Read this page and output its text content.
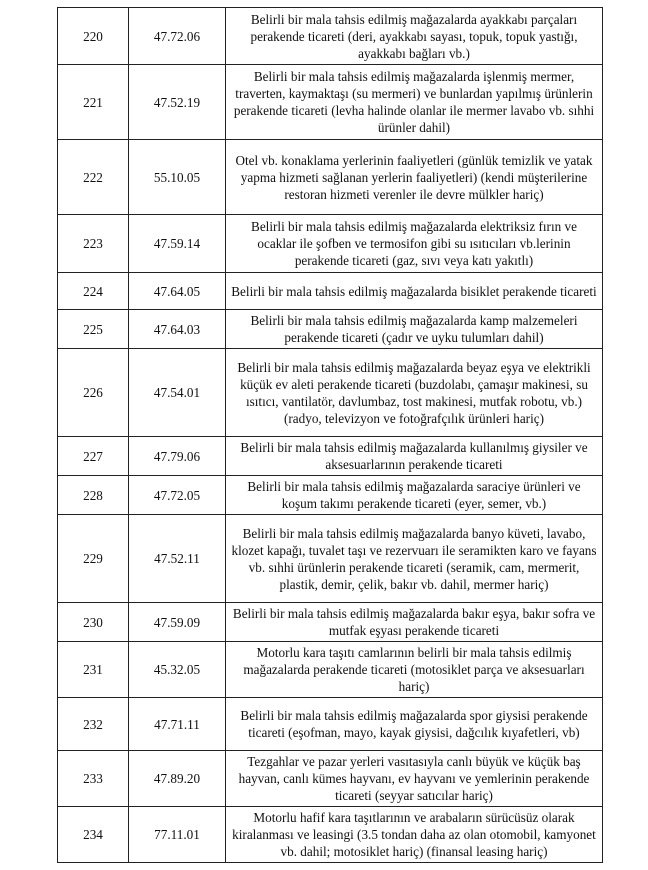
220	47.72.06	Belirli bir mala tahsis edilmiş mağazalarda ayakkabı parçaları perakende ticareti (deri, ayakkabı sayası, topuk, topuk yastığı, ayakkabı bağları vb.)
221	47.52.19	Belirli bir mala tahsis edilmiş mağazalarda işlenmiş mermer, traverten, kaymaktaşı (su mermeri) ve bunlardan yapılmış ürünlerin perakende ticareti (levha halinde olanlar ile mermer lavabo vb. sıhhi ürünler dahil)
222	55.10.05	Otel vb. konaklama yerlerinin faaliyetleri (günlük temizlik ve yatak yapma hizmeti sağlanan yerlerin faaliyetleri) (kendi müşterilerine restoran hizmeti verenler ile devre mülkler hariç)
223	47.59.14	Belirli bir mala tahsis edilmiş mağazalarda elektriksiz fırın ve ocaklar ile şofben ve termosifon gibi su ısıtıcıları vb.lerinin perakende ticareti (gaz, sıvı veya katı yakıtlı)
224	47.64.05	Belirli bir mala tahsis edilmiş mağazalarda bisiklet perakende ticareti
225	47.64.03	Belirli bir mala tahsis edilmiş mağazalarda kamp malzemeleri perakende ticareti (çadır ve uyku tulumları dahil)
226	47.54.01	Belirli bir mala tahsis edilmiş mağazalarda beyaz eşya ve elektrikli küçük ev aleti perakende ticareti (buzdolabı, çamaşır makinesi, su ısıtıcı, vantilatör, davlumbaz, tost makinesi, mutfak robotu, vb.) (radyo, televizyon ve fotoğrafçılık ürünleri hariç)
227	47.79.06	Belirli bir mala tahsis edilmiş mağazalarda kullanılmış giysiler ve aksesuarlarının perakende ticareti
228	47.72.05	Belirli bir mala tahsis edilmiş mağazalarda saraciye ürünleri ve koşum takımı perakende ticareti (eyer, semer, vb.)
229	47.52.11	Belirli bir mala tahsis edilmiş mağazalarda banyo küveti, lavabo, klozet kapağı, tuvalet taşı ve rezervuarı ile seramikten karo ve fayans vb. sıhhi ürünlerin perakende ticareti (seramik, cam, mermerit, plastik, demir, çelik, bakır vb. dahil, mermer hariç)
230	47.59.09	Belirli bir mala tahsis edilmiş mağazalarda bakır eşya, bakır sofra ve mutfak eşyası perakende ticareti
231	45.32.05	Motorlu kara taşıtı camlarının belirli bir mala tahsis edilmiş mağazalarda perakende ticareti (motosiklet parça ve aksesuarları hariç)
232	47.71.11	Belirli bir mala tahsis edilmiş mağazalarda spor giysisi perakende ticareti (eşofman, mayo, kayak giysisi, dağcılık kıyafetleri, vb)
233	47.89.20	Tezgahlar ve pazar yerleri vasıtasıyla canlı büyük ve küçük baş hayvan, canlı kümes hayvanı, ev hayvanı ve yemlerinin perakende ticareti (seyyar satıcılar hariç)
234	77.11.01	Motorlu hafif kara taşıtlarının ve arabaların sürücüsüz olarak kiralanması ve leasingi (3.5 tondan daha az olan otomobil, kamyonet vb. dahil; motosiklet hariç) (finansal leasing hariç)
